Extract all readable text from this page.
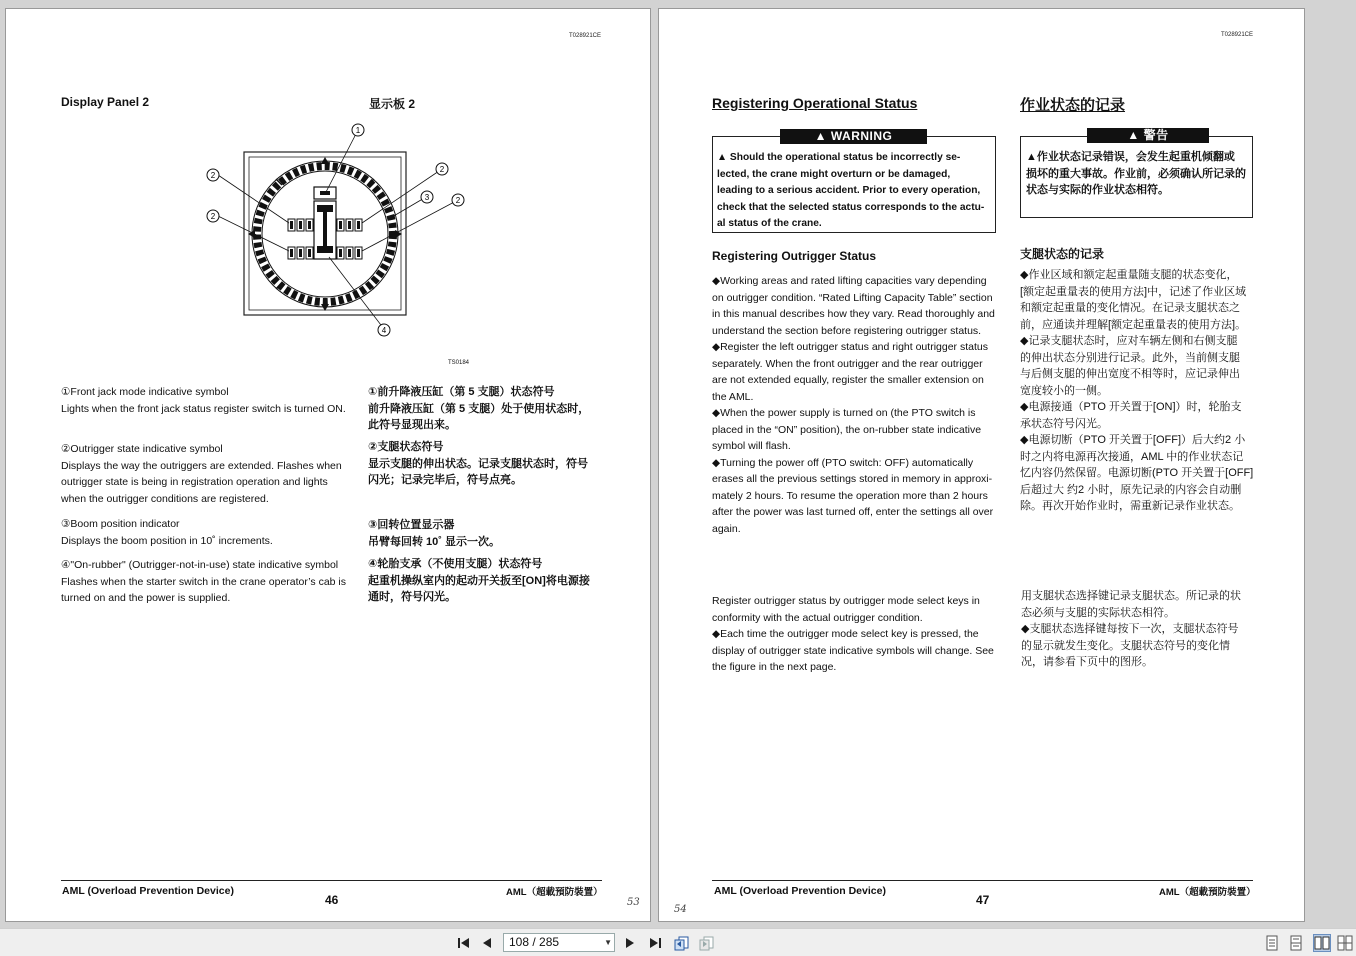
T028921CE
Display Panel 2	显示板 2
1
2
2
2
2
3
4
TS0184
①Front jack mode indicative symbol
Lights when the front jack status register switch is turned ON.
①前升降液压缸（第 5 支腿）状态符号
前升降液压缸（第 5 支腿）处于使用状态时，
此符号显现出来。
②Outrigger state indicative symbol
Displays the way the outriggers are extended. Flashes when
outrigger state is being in registration operation and lights
when the outrigger conditions are registered.
②支腿状态符号
显示支腿的伸出状态。记录支腿状态时，符号
闪光；记录完毕后，符号点亮。
③Boom position indicator
Displays the boom position in 10˚ increments.
③回转位置显示器
吊臂每回转 10˚ 显示一次。
④"On-rubber" (Outrigger-not-in-use) state indicative symbol
Flashes when the starter switch in the crane operator’s cab is
turned on and the power is supplied.
④轮胎支承（不使用支腿）状态符号
起重机操纵室内的起动开关扳至[ON]将电源接
通时，符号闪光。
AML (Overload Prevention Device)
46
AML（超載預防裝置）
53
T028921CE
Registering Operational Status	作业状态的记录
▲ WARNING
▲ Should the operational status be incorrectly se-
lected, the crane might overturn or be damaged,
leading to a serious accident. Prior to every operation,
check that the selected status corresponds to the actu-
al status of the crane.
▲ 警告
▲作业状态记录错误，会发生起重机倾翻或
损坏的重大事故。作业前，必须确认所记录的
状态与实际的作业状态相符。
Registering Outrigger Status	支腿状态的记录
◆Working areas and rated lifting capacities vary depending
on outrigger condition. “Rated Lifting Capacity Table” section
in this manual describes how they vary. Read thoroughly and
understand the section before registering outrigger status.
◆Register the left outrigger status and right outrigger status
separately. When the front outrigger and the rear outrigger
are not extended equally, register the smaller extension on
the AML.
◆When the power supply is turned on (the PTO switch is
placed in the “ON” position), the on-rubber state indicative
symbol will flash.
◆Turning the power off (PTO switch: OFF) automatically
erases all the previous settings stored in memory in approxi-
mately 2 hours. To resume the operation more than 2 hours
after the power was last turned off, enter the settings all over
again.
◆作业区域和额定起重量随支腿的状态变化，
[额定起重量表的使用方法]中，记述了作业区域
和额定起重量的变化情况。在记录支腿状态之
前，应通读并理解[额定起重量表的使用方法]。
◆记录支腿状态时，应对车辆左侧和右侧支腿
的伸出状态分别进行记录。此外，当前侧支腿
与后侧支腿的伸出宽度不相等时，应记录伸出
宽度较小的一侧。
◆电源接通（PTO 开关置于[ON]）时，轮胎支
承状态符号闪光。
◆电源切断（PTO 开关置于[OFF]）后大约2 小
时之内将电源再次接通，AML 中的作业状态记
忆内容仍然保留。电源切断(PTO 开关置于[OFF]
后超过大 约2 小时，原先记录的内容会自动删
除。再次开始作业时，需重新记录作业状态。
Register outrigger status by outrigger mode select keys in
conformity with the actual outrigger condition.
◆Each time the outrigger mode select key is pressed, the
display of outrigger state indicative symbols will change. See
the figure in the next page.
用支腿状态选择键记录支腿状态。所记录的状
态必须与支腿的实际状态相符。
◆支腿状态选择键每按下一次，支腿状态符号
的显示就发生变化。支腿状态符号的变化情
况，请参看下页中的图形。
AML (Overload Prevention Device)
47
AML（超載預防裝置）
54
108 / 285	▼
